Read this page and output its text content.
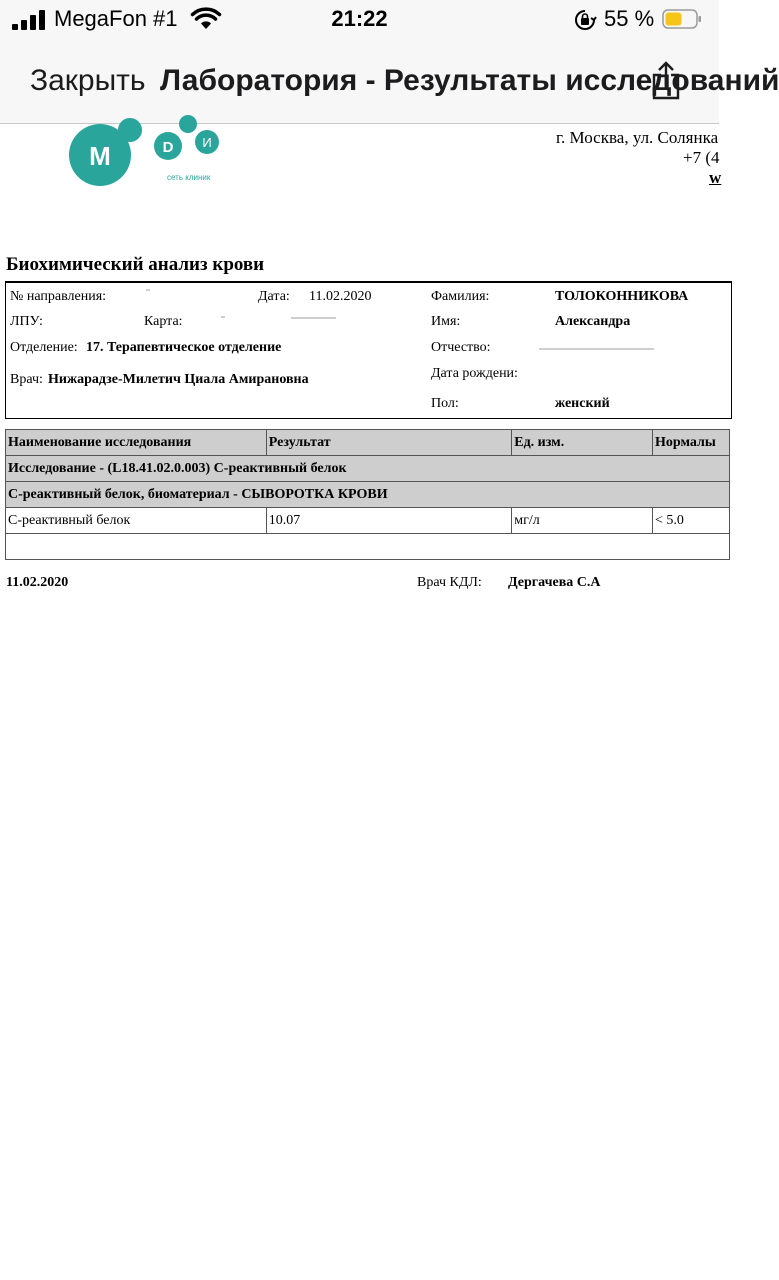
MegaFon #1	21:22	55 %
Закрыть Лаборатория - Результаты исследований
M	D И
сеть клиник
г. Москва, ул. Солянка
+7 (4
w
Биохимический анализ крови
№ направления:	Дата: 11.02.2020	Фамилия:	ТОЛОКОННИКОВА
ЛПУ:	Карта:	Имя:	Александра
Отделение: 17. Терапевтическое отделение	Отчество:
Врач: Нижарадзе-Милетич Циала Амирановна	Дата рождени:
Пол:	женский
Наименование исследования	Результат	Ед. изм.	Нормалы
Исследование - (L18.41.02.0.003) С-реактивный белок			
С-реактивный белок, биоматериал - СЫВОРОТКА КРОВИ			
С-реактивный белок	10.07	мг/л	< 5.0

11.02.2020	Врач КДЛ: Дергачева С.А
